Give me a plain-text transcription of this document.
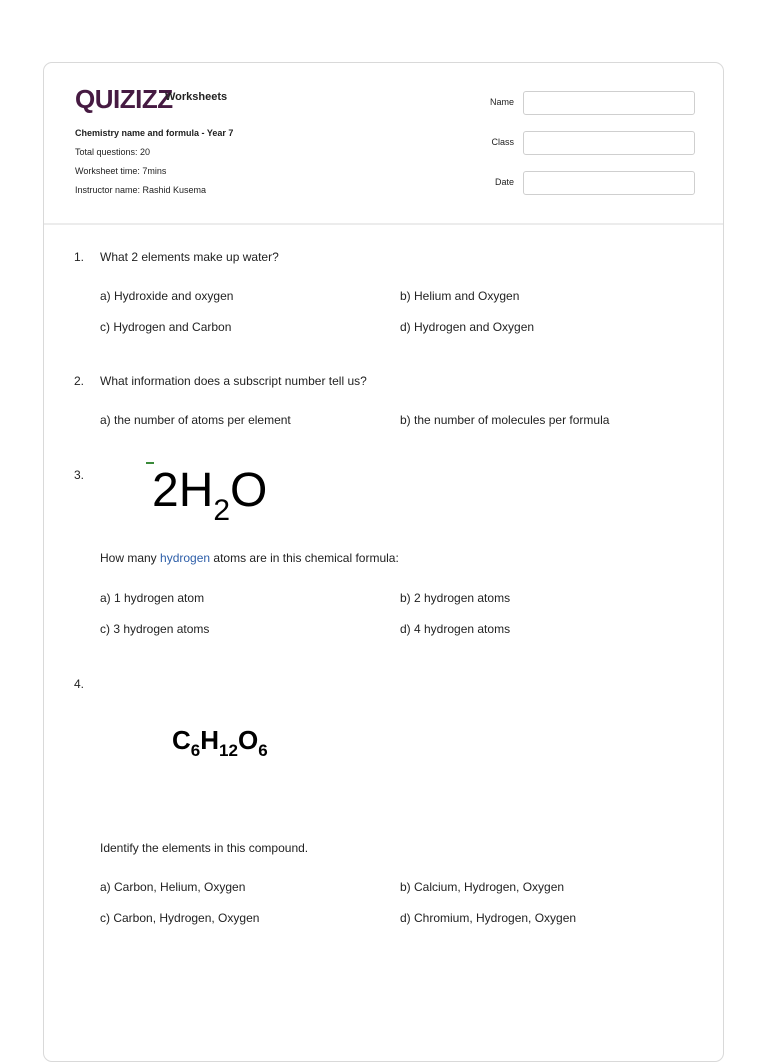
QUIZIZZ
Worksheets
Chemistry name and formula - Year 7
Total questions: 20
Worksheet time: 7mins
Instructor name: Rashid Kusema
Name
Class
Date
1. What 2 elements make up water?
a) Hydroxide and oxygen	b) Helium and Oxygen
c) Hydrogen and Carbon	d) Hydrogen and Oxygen
2. What information does a subscript number tell us?
a) the number of atoms per element	b) the number of molecules per formula
3. $2H_2O$
How many hydrogen atoms are in this chemical formula:
a) 1 hydrogen atom	b) 2 hydrogen atoms
c) 3 hydrogen atoms	d) 4 hydrogen atoms
4.
$C_6H_{12}O_6$
Identify the elements in this compound.
a) Carbon, Helium, Oxygen	b) Calcium, Hydrogen, Oxygen
c) Carbon, Hydrogen, Oxygen	d) Chromium, Hydrogen, Oxygen
